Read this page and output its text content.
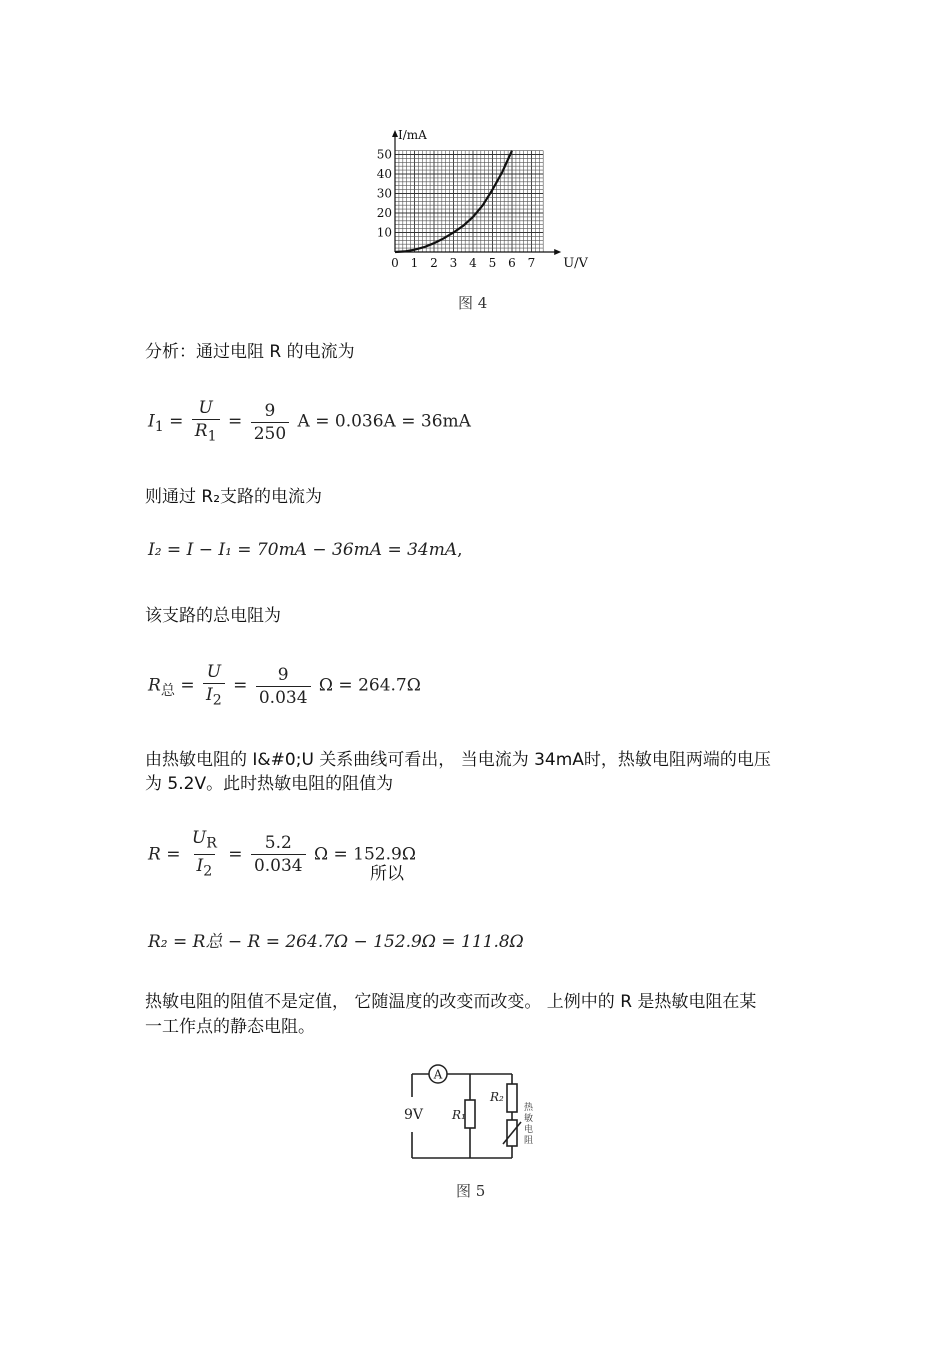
0 1 2 3 4 5 6 7
10
20
30
40
50
I/mA
U/V
图 4
分析：通过电阻 R 的电流为
$I_1 = \frac{U}{R_1} = \frac{9}{250}$ A = 0.036A = 36mA
则通过 R₂支路的电流为
I₂ = I − I₁ = 70mA − 36mA = 34mA,
该支路的总电阻为
$R_总 = \frac{U}{I_2} = \frac{9}{0.034}$ Ω = 264.7Ω
由热敏电阻的 I&#0;U 关系曲线可看出， 当电流为 34mA时，热敏电阻两端的电压
为 5.2V。此时热敏电阻的阻值为
$R = \frac{U_R}{I_2} = \frac{5.2}{0.034}$ Ω = 152.9Ω
所以
R₂ = R总 − R = 264.7Ω − 152.9Ω = 111.8Ω
热敏电阻的阻值不是定值， 它随温度的改变而改变。 上例中的 R 是热敏电阻在某
一工作点的静态电阻。
A
9V R₁
R₂
热
敏
电
阻
图 5
